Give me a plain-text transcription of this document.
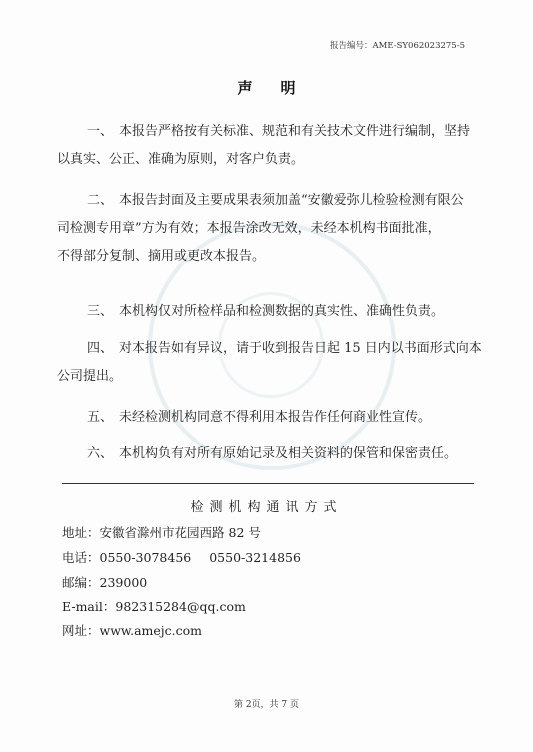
报告编号：AME-SY062023275-5
声明
一、 本报告严格按有关标准、规范和有关技术文件进行编制，坚持
以真实、公正、准确为原则，对客户负责。
二、 本报告封面及主要成果表须加盖“安徽爱弥儿检验检测有限公
司检测专用章”方为有效；本报告涂改无效，未经本机构书面批准，
不得部分复制、摘用或更改本报告。
三、 本机构仅对所检样品和检测数据的真实性、准确性负责。
四、 对本报告如有异议，请于收到报告日起 15 日内以书面形式向本
公司提出。
五、 未经检测机构同意不得利用本报告作任何商业性宣传。
六、 本机构负有对所有原始记录及相关资料的保管和保密责任。
检测机构通讯方式
地址：安徽省滁州市花园西路 82 号
电话：0550-3078456 0550-3214856
邮编：239000
E-mail：982315284@qq.com
网址：www.amejc.com
第 2页，共 7 页
